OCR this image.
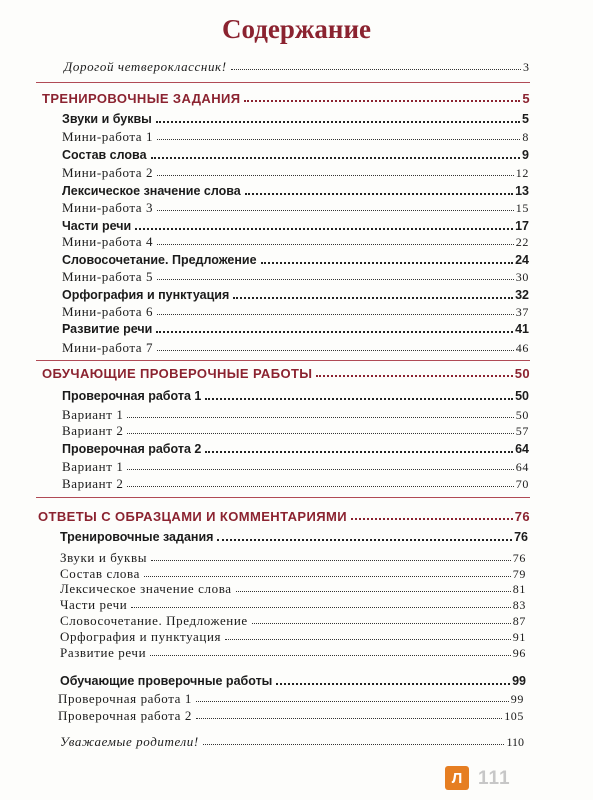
Содержание
Дорогой четвероклассник!	3
ТРЕНИРОВОЧНЫЕ ЗАДАНИЯ	5
Звуки и буквы	5
Мини-работа 1	8
Состав слова	9
Мини-работа 2	12
Лексическое значение слова	13
Мини-работа 3	15
Части речи	17
Мини-работа 4	22
Словосочетание. Предложение	24
Мини-работа 5	30
Орфография и пунктуация	32
Мини-работа 6	37
Развитие речи	41
Мини-работа 7	46
ОБУЧАЮЩИЕ ПРОВЕРОЧНЫЕ РАБОТЫ	50
Проверочная работа 1	50
Вариант 1	50
Вариант 2	57
Проверочная работа 2	64
Вариант 1	64
Вариант 2	70
ОТВЕТЫ С ОБРАЗЦАМИ И КОММЕНТАРИЯМИ	76
Тренировочные задания	76
Звуки и буквы	76
Состав слова	79
Лексическое значение слова	81
Части речи	83
Словосочетание. Предложение	87
Орфография и пунктуация	91
Развитие речи	96
Обучающие проверочные работы	99
Проверочная работа 1	99
Проверочная работа 2	105
Уважаемые родители!	110
Л 111
